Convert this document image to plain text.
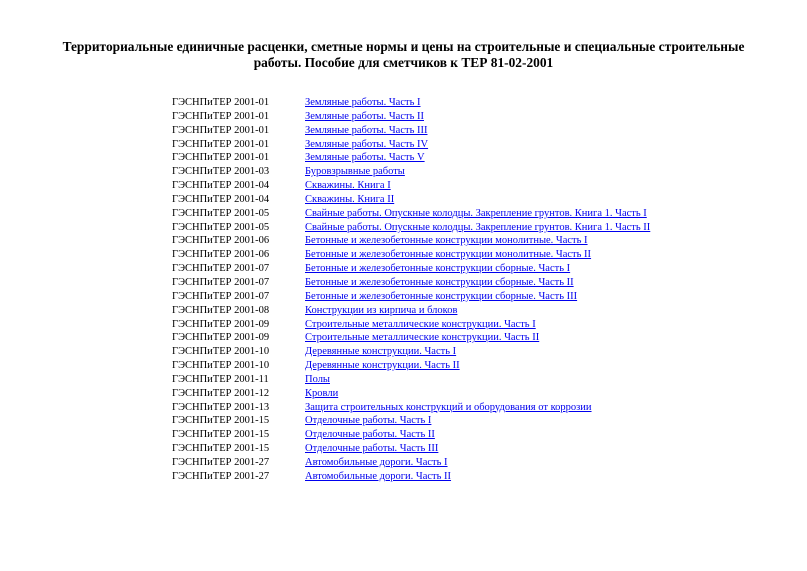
Территориальные единичные расценки, сметные нормы и цены на строительные и специальные строительные
работы. Пособие для сметчиков к ТЕР 81-02-2001
ГЭСНПиТЕР 2001-01	Земляные работы. Часть I
ГЭСНПиТЕР 2001-01	Земляные работы. Часть II
ГЭСНПиТЕР 2001-01	Земляные работы. Часть III
ГЭСНПиТЕР 2001-01	Земляные работы. Часть IV
ГЭСНПиТЕР 2001-01	Земляные работы. Часть V
ГЭСНПиТЕР 2001-03	Буровзрывные работы
ГЭСНПиТЕР 2001-04	Скважины. Книга I
ГЭСНПиТЕР 2001-04	Скважины. Книга II
ГЭСНПиТЕР 2001-05	Свайные работы. Опускные колодцы. Закрепление грунтов. Книга 1. Часть I
ГЭСНПиТЕР 2001-05	Свайные работы. Опускные колодцы. Закрепление грунтов. Книга 1. Часть II
ГЭСНПиТЕР 2001-06	Бетонные и железобетонные конструкции монолитные. Часть I
ГЭСНПиТЕР 2001-06	Бетонные и железобетонные конструкции монолитные. Часть II
ГЭСНПиТЕР 2001-07	Бетонные и железобетонные конструкции сборные. Часть I
ГЭСНПиТЕР 2001-07	Бетонные и железобетонные конструкции сборные. Часть II
ГЭСНПиТЕР 2001-07	Бетонные и железобетонные конструкции сборные. Часть III
ГЭСНПиТЕР 2001-08	Конструкции из кирпича и блоков
ГЭСНПиТЕР 2001-09	Строительные металлические конструкции. Часть I
ГЭСНПиТЕР 2001-09	Строительные металлические конструкции. Часть II
ГЭСНПиТЕР 2001-10	Деревянные конструкции. Часть I
ГЭСНПиТЕР 2001-10	Деревянные конструкции. Часть II
ГЭСНПиТЕР 2001-11	Полы
ГЭСНПиТЕР 2001-12	Кровли
ГЭСНПиТЕР 2001-13	Защита строительных конструкций и оборудования от коррозии
ГЭСНПиТЕР 2001-15	Отделочные работы. Часть I
ГЭСНПиТЕР 2001-15	Отделочные работы. Часть II
ГЭСНПиТЕР 2001-15	Отделочные работы. Часть III
ГЭСНПиТЕР 2001-27	Автомобильные дороги. Часть I
ГЭСНПиТЕР 2001-27	Автомобильные дороги. Часть II
